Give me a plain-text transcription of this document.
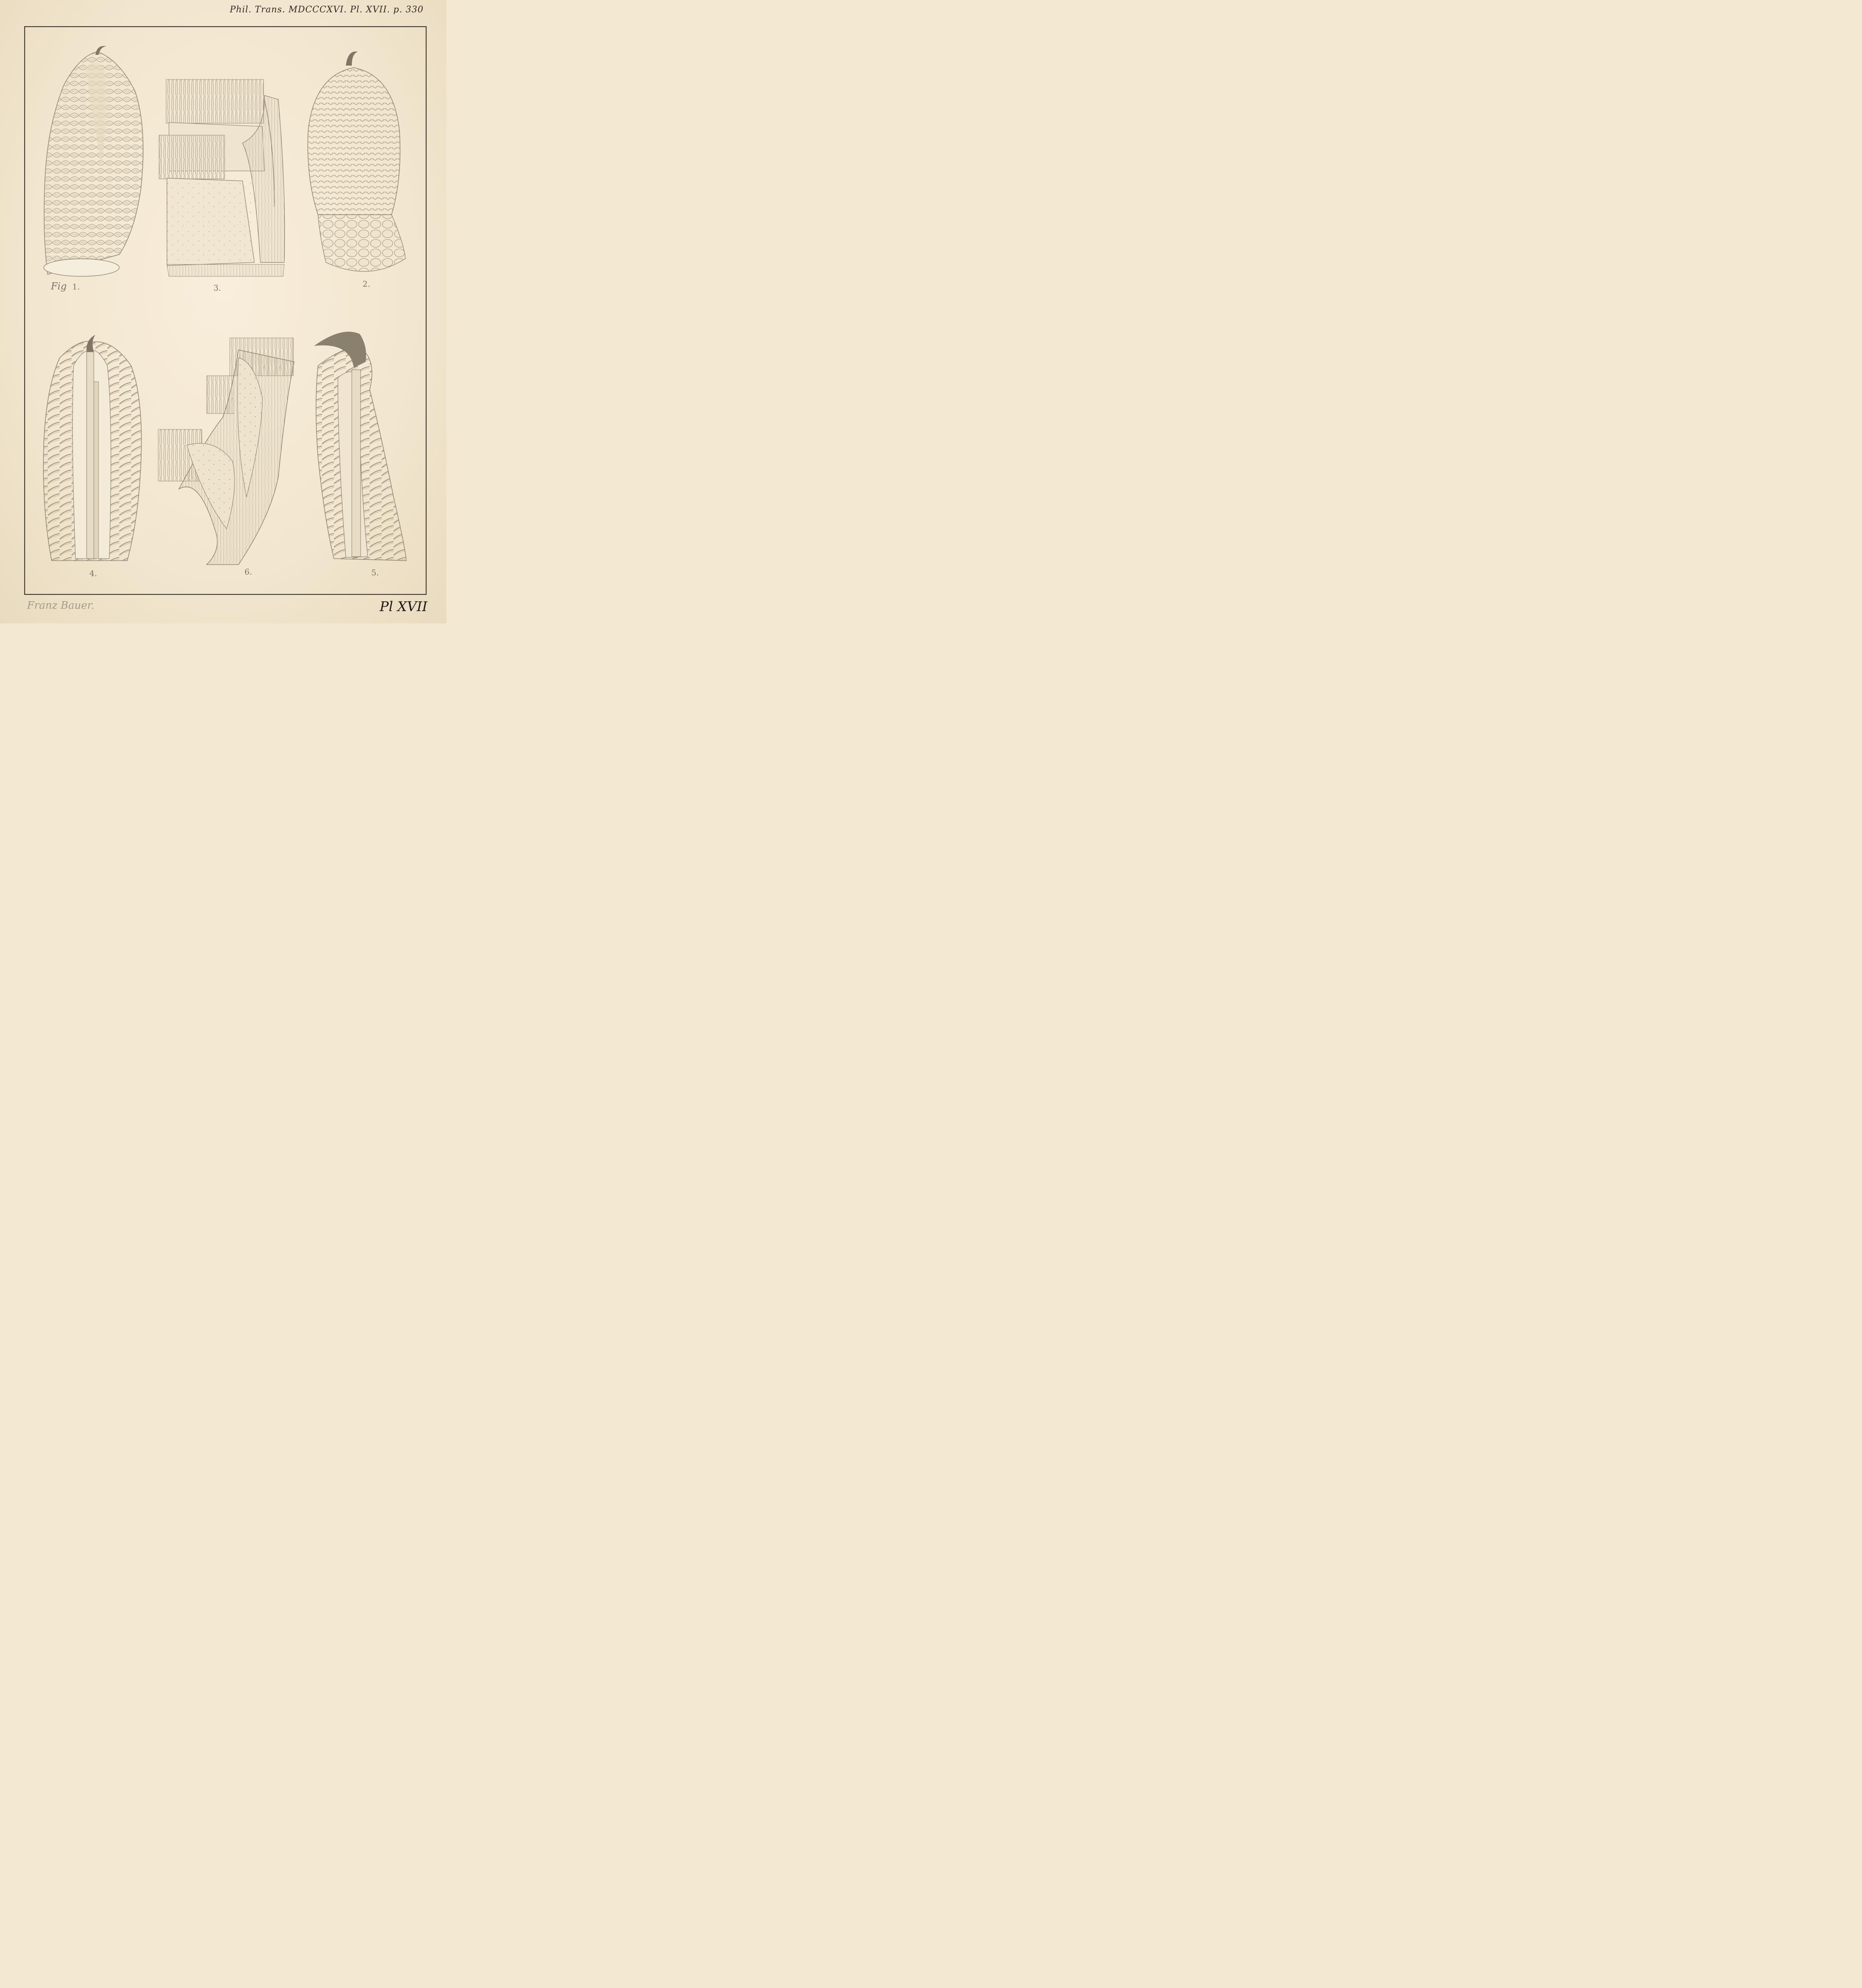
Phil. Trans. MDCCCXVI. Pl. XVII. p. 330

Fig 1.	3.	2.

4.	6.	5.

Franz Bauer.	Pl XVII
